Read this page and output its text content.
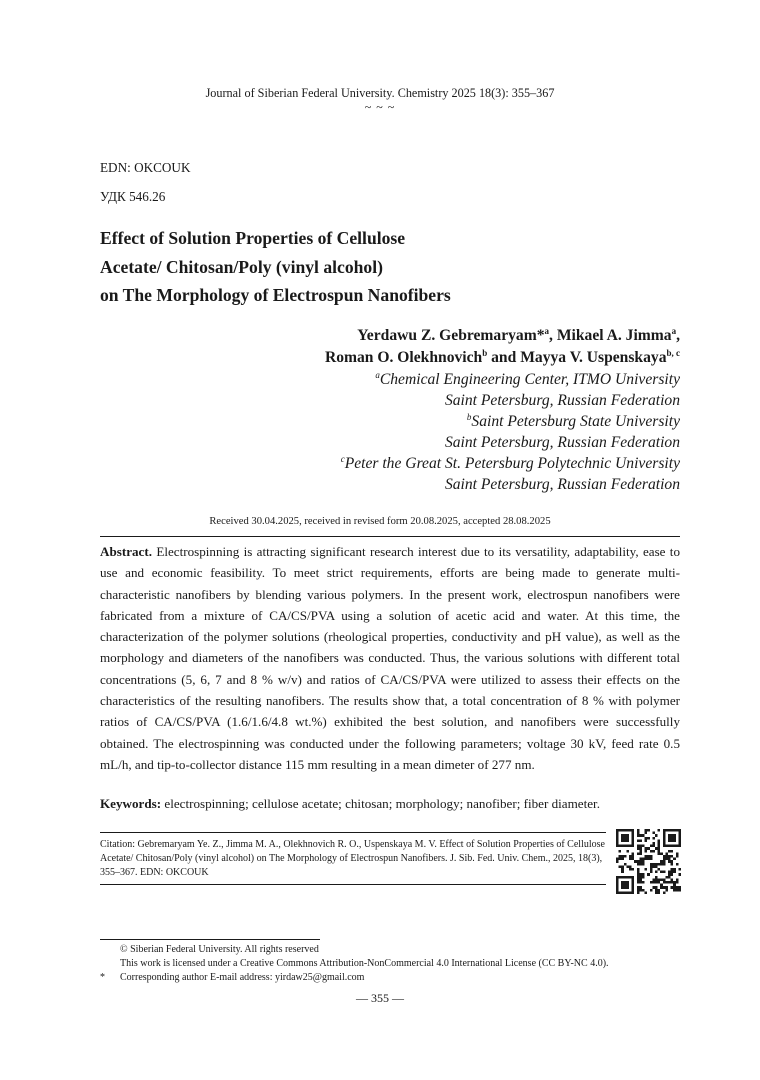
Journal of Siberian Federal University. Chemistry 2025 18(3): 355–367
~ ~ ~
EDN: OKCOUK
УДК 546.26
Effect of Solution Properties of Cellulose
Acetate/ Chitosan/Poly (vinyl alcohol)
on The Morphology of Electrospun Nanofibers
Yerdawu Z. Gebremaryam*$^a$, Mikael A. Jimma$^a$,
Roman O. Olekhnovich$^b$ and Mayya V. Uspenskaya$^{b, c}$
$^a$Chemical Engineering Center, ITMO University
Saint Petersburg, Russian Federation
$^b$Saint Petersburg State University
Saint Petersburg, Russian Federation
$^c$Peter the Great St. Petersburg Polytechnic University
Saint Petersburg, Russian Federation
Received 30.04.2025, received in revised form 20.08.2025, accepted 28.08.2025
Abstract. Electrospinning is attracting significant research interest due to its versatility, adaptability, ease to use and economic feasibility. To meet strict requirements, efforts are being made to generate multi-characteristic nanofibers by blending various polymers. In the present work, electrospun nanofibers were fabricated from a mixture of CA/CS/PVA using a solution of acetic acid and water. At this time, the characterization of the polymer solutions (rheological properties, conductivity and pH value), as well as the morphology and diameters of the nanofibers was conducted. Thus, the various solutions with different total concentrations (5, 6, 7 and 8 % w/v) and ratios of CA/CS/PVA were utilized to assess their effects on the characteristics of the resulting nanofibers. The results show that, a total concentration of 8 % with polymer ratios of CA/CS/PVA (1.6/1.6/4.8 wt.%) exhibited the best solution, and nanofibers were successfully obtained. The electrospinning was conducted under the following parameters; voltage 30 kV, feed rate 0.5 mL/h, and tip-to-collector distance 115 mm resulting in a mean dimeter of 277 nm.
Keywords: electrospinning; cellulose acetate; chitosan; morphology; nanofiber; fiber diameter.
Citation: Gebremaryam Ye. Z., Jimma M. A., Olekhnovich R. O., Uspenskaya M. V. Effect of Solution Properties of Cellulose Acetate/ Chitosan/Poly (vinyl alcohol) on The Morphology of Electrospun Nanofibers. J. Sib. Fed. Univ. Chem., 2025, 18(3), 355–367. EDN: OKCOUK
© Siberian Federal University. All rights reserved
This work is licensed under a Creative Commons Attribution-NonCommercial 4.0 International License (CC BY-NC 4.0).
* Corresponding author E-mail address: yirdaw25@gmail.com
— 355 —
